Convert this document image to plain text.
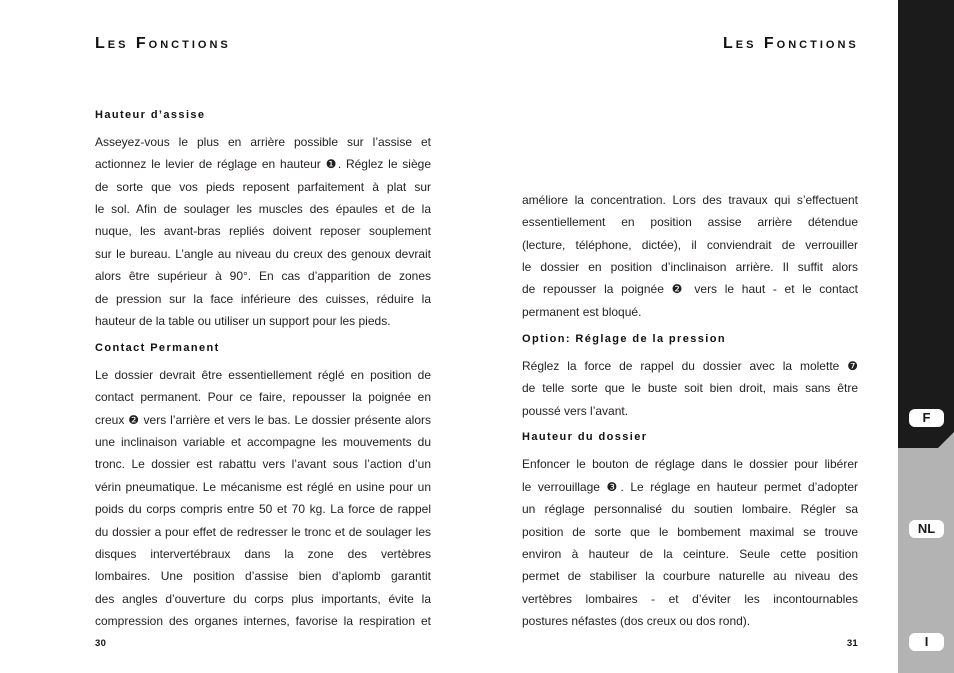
Les Fonctions	Les Fonctions
Hauteur d’assise
Asseyez-vous le plus en arrière possible sur l’assise et
actionnez le levier de réglage en hauteur ❶. Réglez le siège
de sorte que vos pieds reposent parfaitement à plat sur
le sol. Afin de soulager les muscles des épaules et de la
nuque, les avant-bras repliés doivent reposer souplement
sur le bureau. L’angle au niveau du creux des genoux devrait
alors être supérieur à 90°. En cas d’apparition de zones
de pression sur la face inférieure des cuisses, réduire la
hauteur de la table ou utiliser un support pour les pieds.
Contact Permanent
Le dossier devrait être essentiellement réglé en position de
contact permanent. Pour ce faire, repousser la poignée en
creux ❷ vers l’arrière et vers le bas. Le dossier présente alors
une inclinaison variable et accompagne les mouvements du
tronc. Le dossier est rabattu vers l’avant sous l’action d’un
vérin pneumatique. Le mécanisme est réglé en usine pour un
poids du corps compris entre 50 et 70 kg. La force de rappel
du dossier a pour effet de redresser le tronc et de soulager les
disques intervertébraux dans la zone des vertèbres
lombaires. Une position d’assise bien d’aplomb garantit
des angles d’ouverture du corps plus importants, évite la
compression des organes internes, favorise la respiration et
améliore la concentration. Lors des travaux qui s’effectuent
essentiellement en position assise arrière détendue
(lecture, téléphone, dictée), il conviendrait de verrouiller
le dossier en position d’inclinaison arrière. Il suffit alors
de repousser la poignée ❷ vers le haut - et le contact
permanent est bloqué.
Option: Réglage de la pression
Réglez la force de rappel du dossier avec la molette ❼
de telle sorte que le buste soit bien droit, mais sans être
poussé vers l’avant.
Hauteur du dossier
Enfoncer le bouton de réglage dans le dossier pour libérer
le verrouillage ❸. Le réglage en hauteur permet d’adopter
un réglage personnalisé du soutien lombaire. Régler sa
position de sorte que le bombement maximal se trouve
environ à hauteur de la ceinture. Seule cette position
permet de stabiliser la courbure naturelle au niveau des
vertèbres lombaires - et d’éviter les incontournables
postures néfastes (dos creux ou dos rond).
30	31
F
NL
I
